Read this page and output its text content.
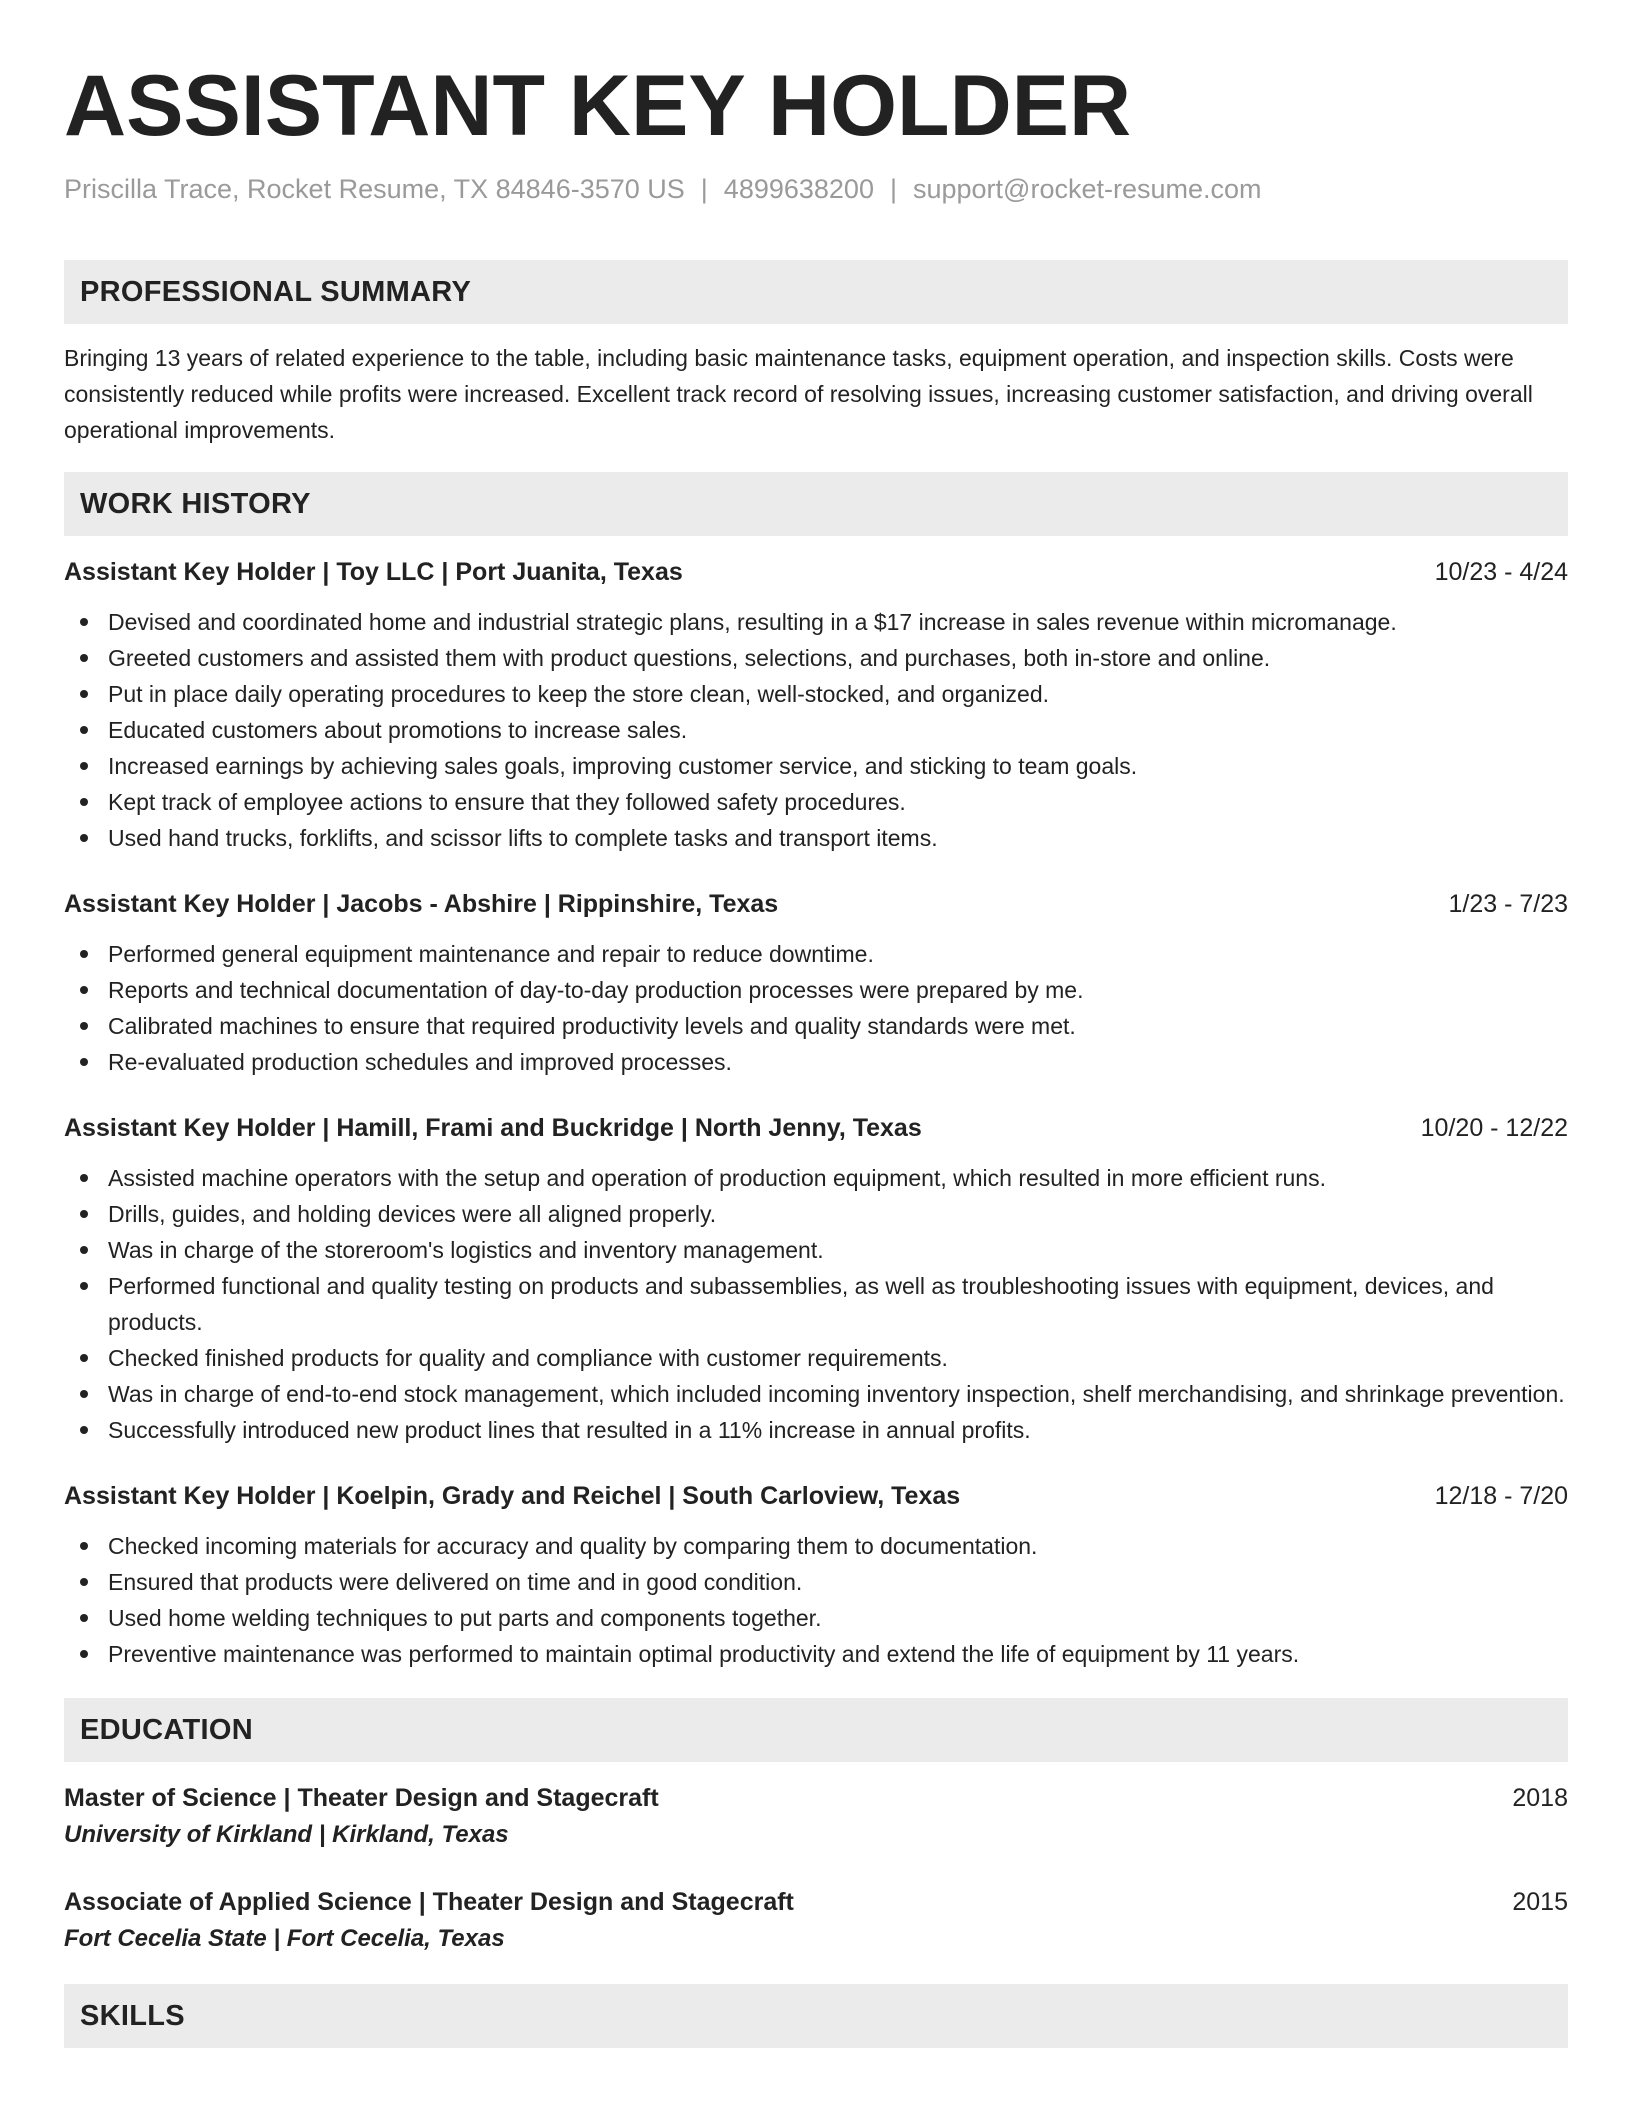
ASSISTANT KEY HOLDER
Priscilla Trace, Rocket Resume, TX 84846-3570 US | 4899638200 | support@rocket-resume.com
PROFESSIONAL SUMMARY

Bringing 13 years of related experience to the table, including basic maintenance tasks, equipment operation, and inspection skills. Costs were consistently reduced while profits were increased. Excellent track record of resolving issues, increasing customer satisfaction, and driving overall operational improvements.

WORK HISTORY
Assistant Key Holder | Toy LLC | Port Juanita, Texas	10/23 - 4/24
Devised and coordinated home and industrial strategic plans, resulting in a $17 increase in sales revenue within micromanage.
Greeted customers and assisted them with product questions, selections, and purchases, both in-store and online.
Put in place daily operating procedures to keep the store clean, well-stocked, and organized.
Educated customers about promotions to increase sales.
Increased earnings by achieving sales goals, improving customer service, and sticking to team goals.
Kept track of employee actions to ensure that they followed safety procedures.
Used hand trucks, forklifts, and scissor lifts to complete tasks and transport items.
Assistant Key Holder | Jacobs - Abshire | Rippinshire, Texas	1/23 - 7/23
Performed general equipment maintenance and repair to reduce downtime.
Reports and technical documentation of day-to-day production processes were prepared by me.
Calibrated machines to ensure that required productivity levels and quality standards were met.
Re-evaluated production schedules and improved processes.
Assistant Key Holder | Hamill, Frami and Buckridge | North Jenny, Texas	10/20 - 12/22
Assisted machine operators with the setup and operation of production equipment, which resulted in more efficient runs.
Drills, guides, and holding devices were all aligned properly.
Was in charge of the storeroom's logistics and inventory management.
Performed functional and quality testing on products and subassemblies, as well as troubleshooting issues with equipment, devices, and products.
Checked finished products for quality and compliance with customer requirements.
Was in charge of end-to-end stock management, which included incoming inventory inspection, shelf merchandising, and shrinkage prevention.
Successfully introduced new product lines that resulted in a 11% increase in annual profits.
Assistant Key Holder | Koelpin, Grady and Reichel | South Carloview, Texas	12/18 - 7/20
Checked incoming materials for accuracy and quality by comparing them to documentation.
Ensured that products were delivered on time and in good condition.
Used home welding techniques to put parts and components together.
Preventive maintenance was performed to maintain optimal productivity and extend the life of equipment by 11 years.
EDUCATION
Master of Science | Theater Design and Stagecraft	2018
University of Kirkland | Kirkland, Texas
Associate of Applied Science | Theater Design and Stagecraft	2015
Fort Cecelia State | Fort Cecelia, Texas
SKILLS
